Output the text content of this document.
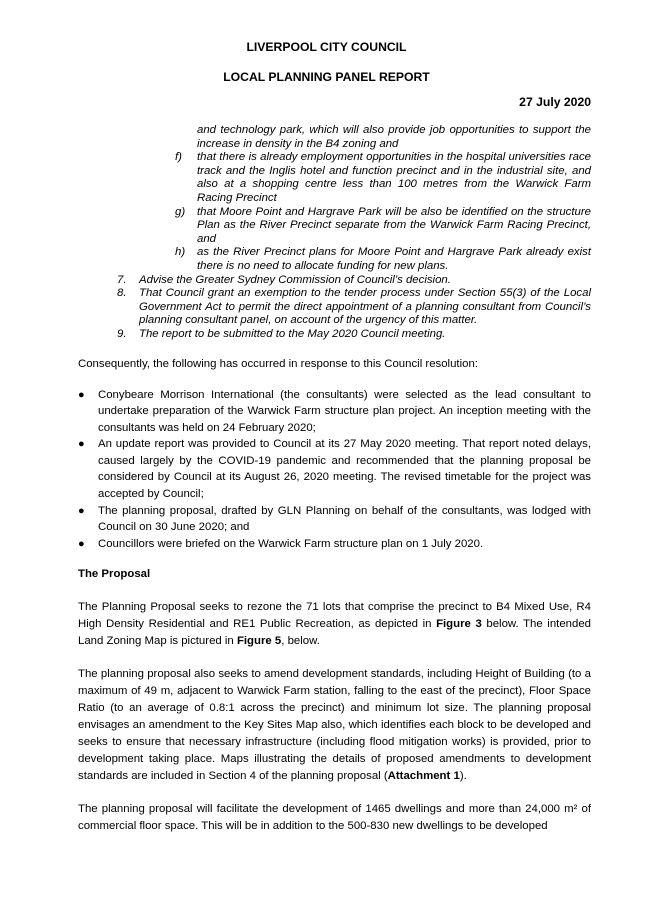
LIVERPOOL CITY COUNCIL
LOCAL PLANNING PANEL REPORT
27 July 2020
and technology park, which will also provide job opportunities to support the increase in density in the B4 zoning and
f)	that there is already employment opportunities in the hospital universities race track and the Inglis hotel and function precinct and in the industrial site, and also at a shopping centre less than 100 metres from the Warwick Farm Racing Precinct
g)	that Moore Point and Hargrave Park will be also be identified on the structure Plan as the River Precinct separate from the Warwick Farm Racing Precinct, and
h)	as the River Precinct plans for Moore Point and Hargrave Park already exist there is no need to allocate funding for new plans.
7.	Advise the Greater Sydney Commission of Council’s decision.
8.	That Council grant an exemption to the tender process under Section 55(3) of the Local Government Act to permit the direct appointment of a planning consultant from Council’s planning consultant panel, on account of the urgency of this matter.
9.	The report to be submitted to the May 2020 Council meeting.

Consequently, the following has occurred in response to this Council resolution:

●	Conybeare Morrison International (the consultants) were selected as the lead consultant to undertake preparation of the Warwick Farm structure plan project. An inception meeting with the consultants was held on 24 February 2020;
●	An update report was provided to Council at its 27 May 2020 meeting. That report noted delays, caused largely by the COVID-19 pandemic and recommended that the planning proposal be considered by Council at its August 26, 2020 meeting. The revised timetable for the project was accepted by Council;
●	The planning proposal, drafted by GLN Planning on behalf of the consultants, was lodged with Council on 30 June 2020; and
●	Councillors were briefed on the Warwick Farm structure plan on 1 July 2020.
The Proposal

The Planning Proposal seeks to rezone the 71 lots that comprise the precinct to B4 Mixed Use, R4 High Density Residential and RE1 Public Recreation, as depicted in Figure 3 below. The intended Land Zoning Map is pictured in Figure 5, below.

The planning proposal also seeks to amend development standards, including Height of Building (to a maximum of 49 m, adjacent to Warwick Farm station, falling to the east of the precinct), Floor Space Ratio (to an average of 0.8:1 across the precinct) and minimum lot size. The planning proposal envisages an amendment to the Key Sites Map also, which identifies each block to be developed and seeks to ensure that necessary infrastructure (including flood mitigation works) is provided, prior to development taking place. Maps illustrating the details of proposed amendments to development standards are included in Section 4 of the planning proposal (Attachment 1).

The planning proposal will facilitate the development of 1465 dwellings and more than 24,000 m² of commercial floor space. This will be in addition to the 500-830 new dwellings to be developed
